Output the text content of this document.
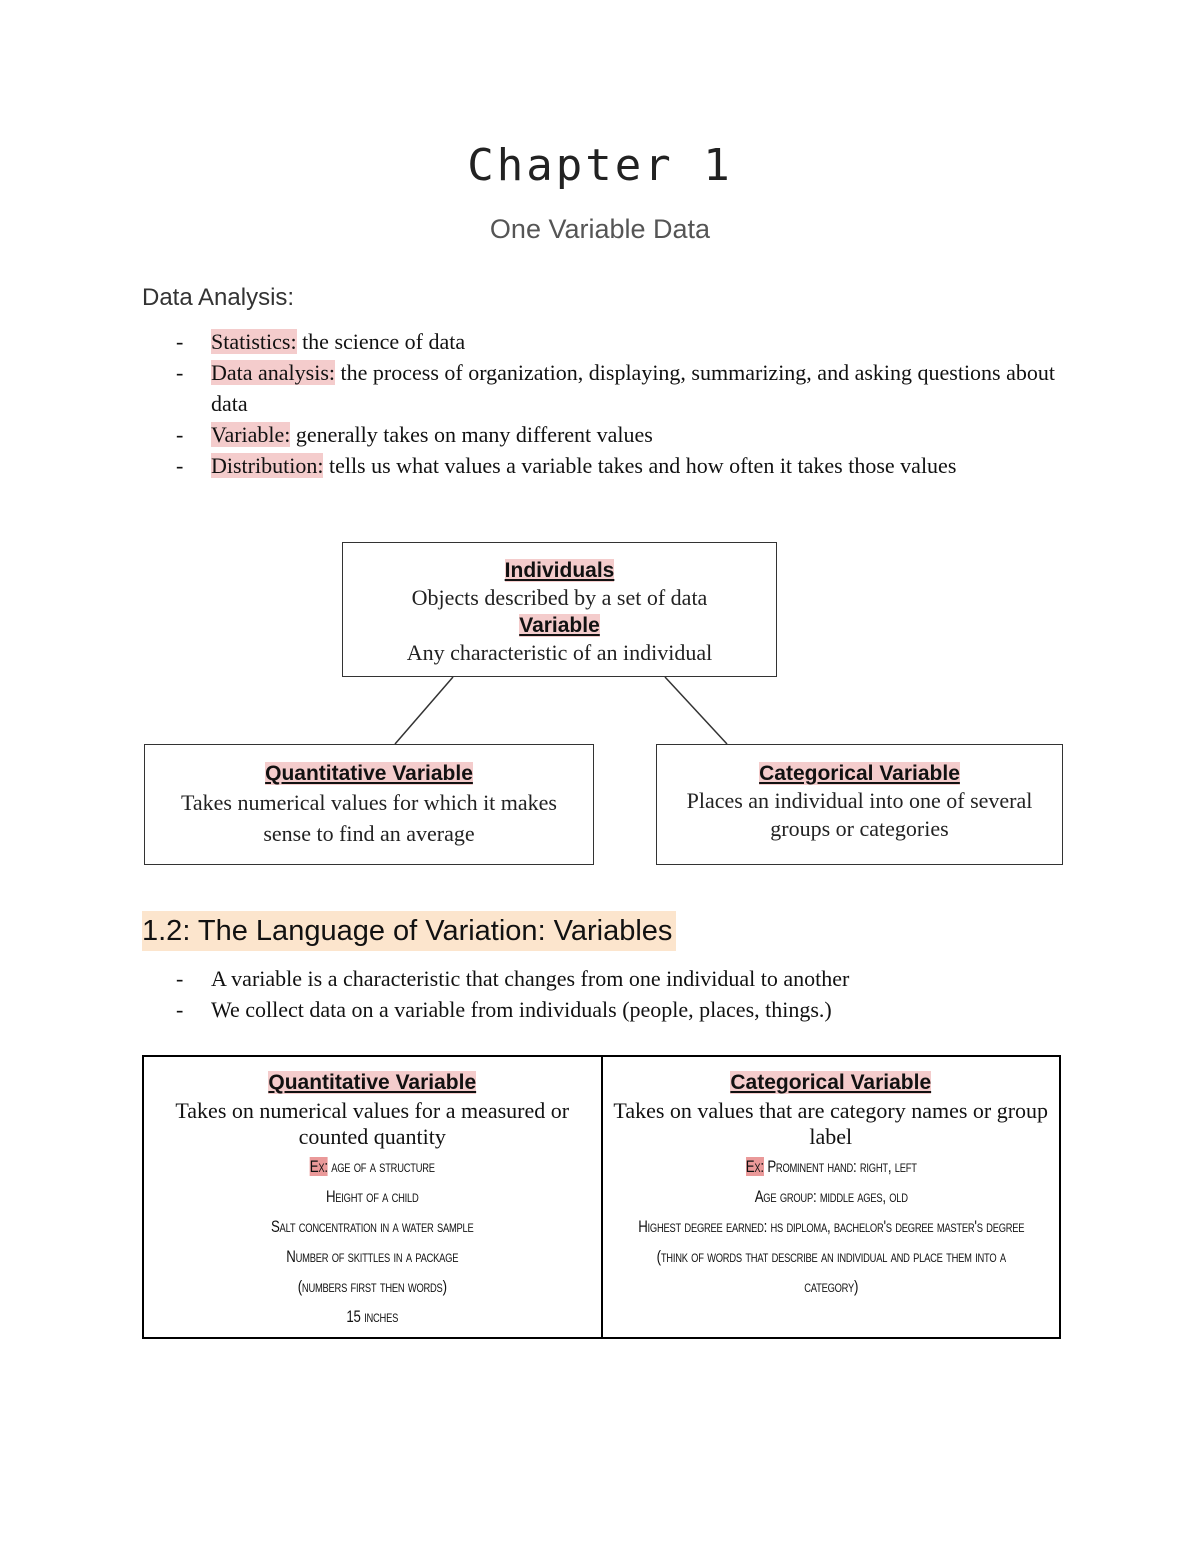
Chapter 1
One Variable Data
Data Analysis:
- Statistics: the science of data
- Data analysis: the process of organization, displaying, summarizing, and asking questions about data
- Variable: generally takes on many different values
- Distribution: tells us what values a variable takes and how often it takes those values
Individuals
Objects described by a set of data
Variable
Any characteristic of an individual
Quantitative Variable
Takes numerical values for which it makes sense to find an average
Categorical Variable
Places an individual into one of several groups or categories
1.2: The Language of Variation: Variables
- A variable is a characteristic that changes from one individual to another
- We collect data on a variable from individuals (people, places, things.)
Quantitative Variable
Takes on numerical values for a measured or counted quantity
Ex: age of a structure
Height of a child
Salt concentration in a water sample
Number of skittles in a package
(numbers first then words)
15 inches
Categorical Variable
Takes on values that are category names or group label
Ex: Prominent hand: right, left
Age group: middle ages, old
Highest degree earned: hs diploma, bachelor's degree master's degree
(think of words that describe an individual and place them into a category)
